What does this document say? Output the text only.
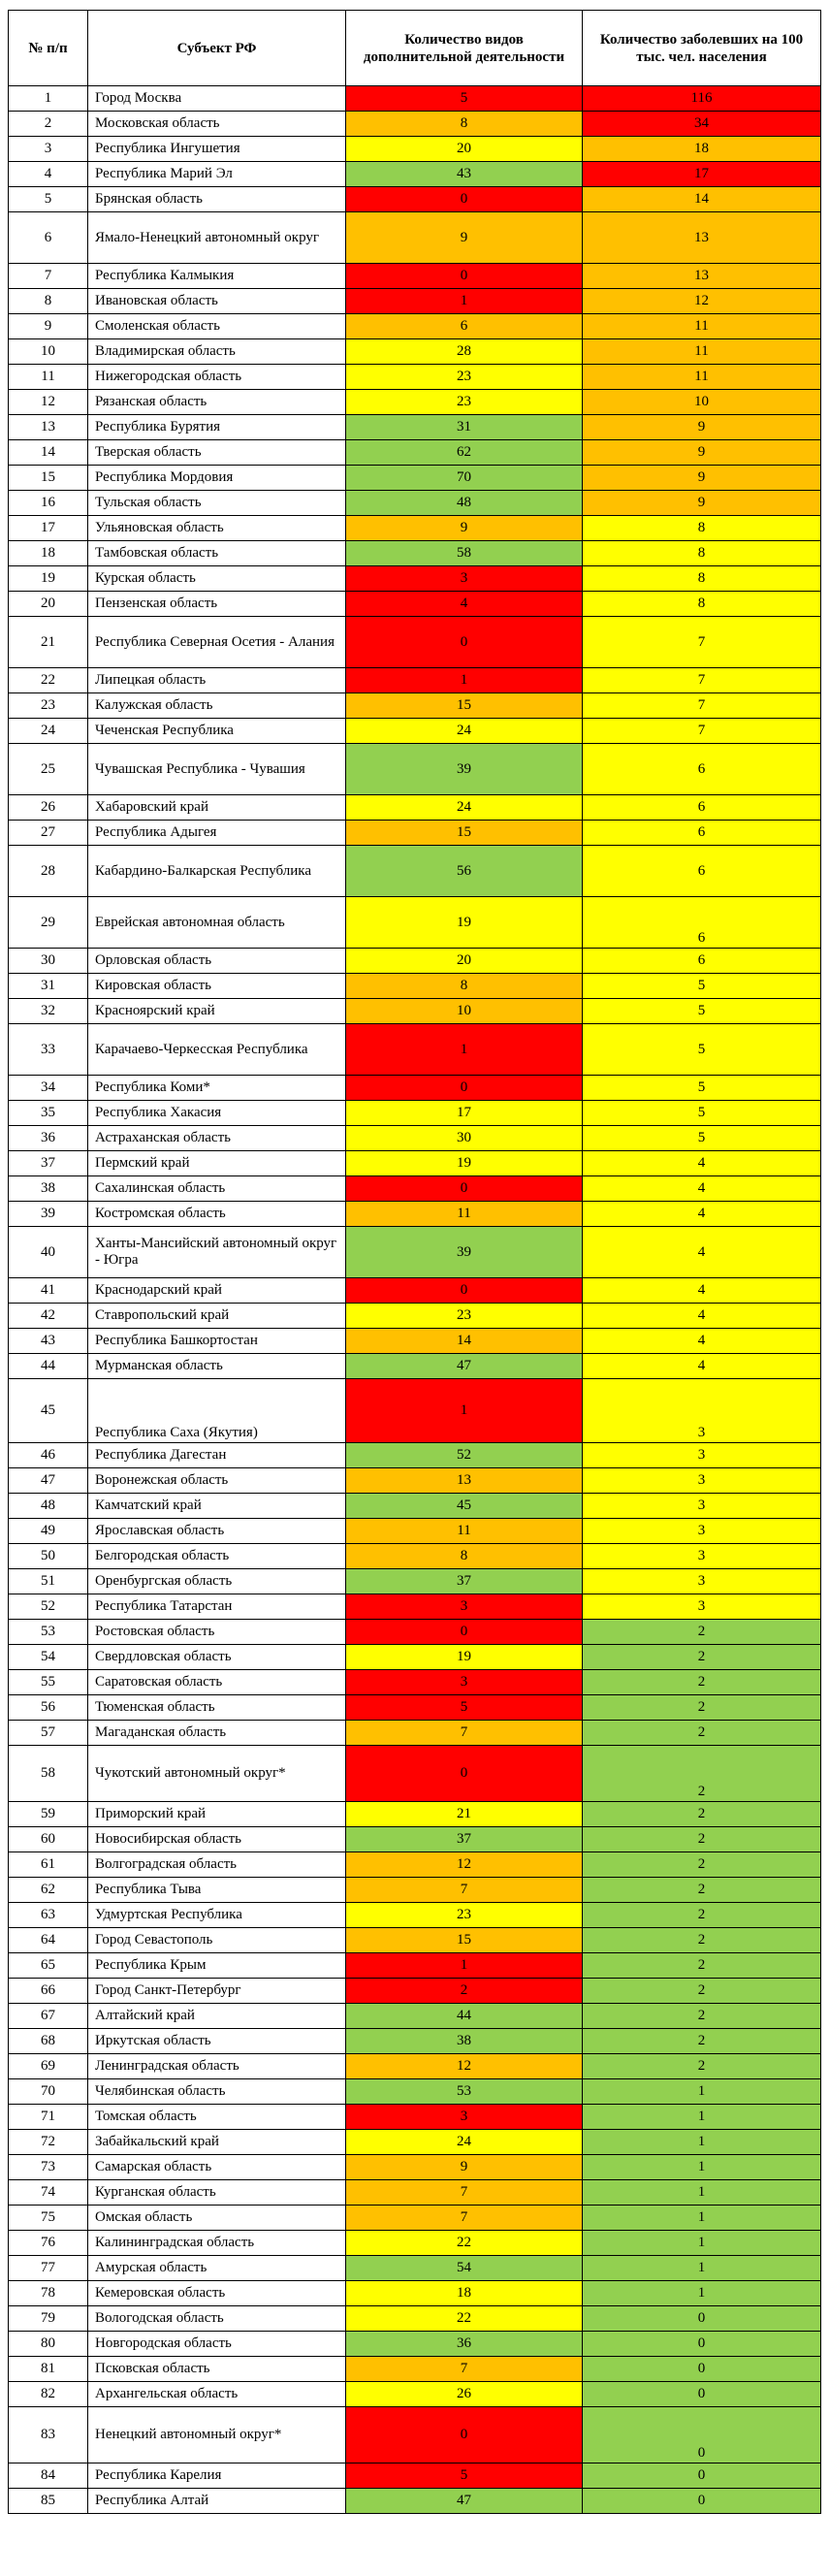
№ п/п	Субъект РФ	Количество видов дополнительной деятельности	Количество заболевших на 100 тыс. чел. населения
1	Город Москва	5	116
2	Московская область	8	34
3	Республика Ингушетия	20	18
4	Республика Марий Эл	43	17
5	Брянская область	0	14
6	Ямало-Ненецкий автономный округ	9	13
7	Республика Калмыкия	0	13
8	Ивановская область	1	12
9	Смоленская область	6	11
10	Владимирская область	28	11
11	Нижегородская область	23	11
12	Рязанская область	23	10
13	Республика Бурятия	31	9
14	Тверская область	62	9
15	Республика Мордовия	70	9
16	Тульская область	48	9
17	Ульяновская область	9	8
18	Тамбовская область	58	8
19	Курская область	3	8
20	Пензенская область	4	8
21	Республика Северная Осетия - Алания	0	7
22	Липецкая область	1	7
23	Калужская область	15	7
24	Чеченская Республика	24	7
25	Чувашская Республика - Чувашия	39	6
26	Хабаровский край	24	6
27	Республика Адыгея	15	6
28	Кабардино-Балкарская Республика	56	6
29	Еврейская автономная область	19	6
30	Орловская область	20	6
31	Кировская область	8	5
32	Красноярский край	10	5
33	Карачаево-Черкесская Республика	1	5
34	Республика Коми*	0	5
35	Республика Хакасия	17	5
36	Астраханская область	30	5
37	Пермский край	19	4
38	Сахалинская область	0	4
39	Костромская область	11	4
40	Ханты-Мансийский автономный округ - Югра	39	4
41	Краснодарский край	0	4
42	Ставропольский край	23	4
43	Республика Башкортостан	14	4
44	Мурманская область	47	4
45	Республика Саха (Якутия)	1	3
46	Республика Дагестан	52	3
47	Воронежская область	13	3
48	Камчатский край	45	3
49	Ярославская область	11	3
50	Белгородская область	8	3
51	Оренбургская область	37	3
52	Республика Татарстан	3	3
53	Ростовская область	0	2
54	Свердловская область	19	2
55	Саратовская область	3	2
56	Тюменская область	5	2
57	Магаданская область	7	2
58	Чукотский автономный округ*	0	2
59	Приморский край	21	2
60	Новосибирская область	37	2
61	Волгоградская область	12	2
62	Республика Тыва	7	2
63	Удмуртская Республика	23	2
64	Город Севастополь	15	2
65	Республика Крым	1	2
66	Город Санкт-Петербург	2	2
67	Алтайский край	44	2
68	Иркутская область	38	2
69	Ленинградская область	12	2
70	Челябинская область	53	1
71	Томская область	3	1
72	Забайкальский край	24	1
73	Самарская область	9	1
74	Курганская область	7	1
75	Омская область	7	1
76	Калининградская область	22	1
77	Амурская область	54	1
78	Кемеровская область	18	1
79	Вологодская область	22	0
80	Новгородская область	36	0
81	Псковская область	7	0
82	Архангельская область	26	0
83	Ненецкий автономный округ*	0	0
84	Республика Карелия	5	0
85	Республика Алтай	47	0
